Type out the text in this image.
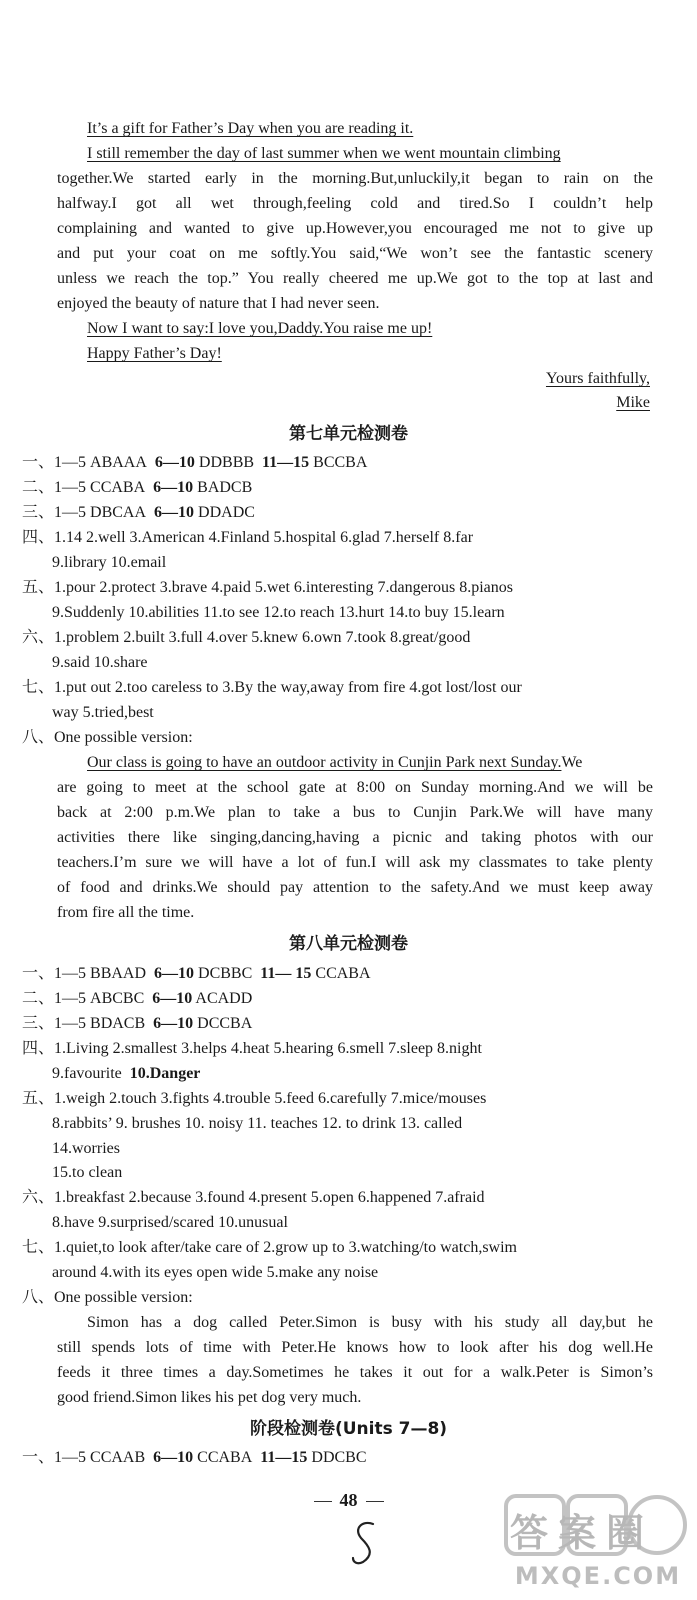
It’s a gift for Father’s Day when you are reading it.
I still remember the day of last summer when we went mountain climbing
together.We started early in the morning.But,unluckily,it began to rain on the
halfway.I got all wet through,feeling cold and tired.So I couldn’t help
complaining and wanted to give up.However,you encouraged me not to give up
and put your coat on me softly.You said,“We won’t see the fantastic scenery
unless we reach the top.” You really cheered me up.We got to the top at last and
enjoyed the beauty of nature that I had never seen.
Now I want to say:I love you,Daddy.You raise me up!
Happy Father’s Day!
Yours faithfully,
Mike
第七单元检测卷
一、1—5 ABAAA 6—10 DDBBB 11—15 BCCBA
二、1—5 CCABA 6—10 BADCB
三、1—5 DBCAA 6—10 DDADC
四、1.14 2.well 3.American 4.Finland 5.hospital 6.glad 7.herself 8.far
9.library 10.email
五、1.pour 2.protect 3.brave 4.paid 5.wet 6.interesting 7.dangerous 8.pianos
9.Suddenly 10.abilities 11.to see 12.to reach 13.hurt 14.to buy 15.learn
六、1.problem 2.built 3.full 4.over 5.knew 6.own 7.took 8.great/good
9.said 10.share
七、1.put out 2.too careless to 3.By the way,away from fire 4.got lost/lost our
way 5.tried,best
八、One possible version:
Our class is going to have an outdoor activity in Cunjin Park next Sunday.We
are going to meet at the school gate at 8:00 on Sunday morning.And we will be
back at 2:00 p.m.We plan to take a bus to Cunjin Park.We will have many
activities there like singing,dancing,having a picnic and taking photos with our
teachers.I’m sure we will have a lot of fun.I will ask my classmates to take plenty
of food and drinks.We should pay attention to the safety.And we must keep away
from fire all the time.
第八单元检测卷
一、1—5 BBAAD 6—10 DCBBC 11— 15 CCABA
二、1—5 ABCBC 6—10 ACADD
三、1—5 BDACB 6—10 DCCBA
四、1.Living 2.smallest 3.helps 4.heat 5.hearing 6.smell 7.sleep 8.night
9.favourite 10.Danger
五、1.weigh 2.touch 3.fights 4.trouble 5.feed 6.carefully 7.mice/mouses
8.rabbits’ 9. brushes 10. noisy 11. teaches 12. to drink 13. called
14.worries
15.to clean
六、1.breakfast 2.because 3.found 4.present 5.open 6.happened 7.afraid
8.have 9.surprised/scared 10.unusual
七、1.quiet,to look after/take care of 2.grow up to 3.watching/to watch,swim
around 4.with its eyes open wide 5.make any noise
八、One possible version:
Simon has a dog called Peter.Simon is busy with his study all day,but he
still spends lots of time with Peter.He knows how to look after his dog well.He
feeds it three times a day.Sometimes he takes it out for a walk.Peter is Simon’s
good friend.Simon likes his pet dog very much.
阶段检测卷(Units 7—8)
一、1—5 CCAAB 6—10 CCABA 11—15 DDCBC
48
答案圈
MXQE.COM
